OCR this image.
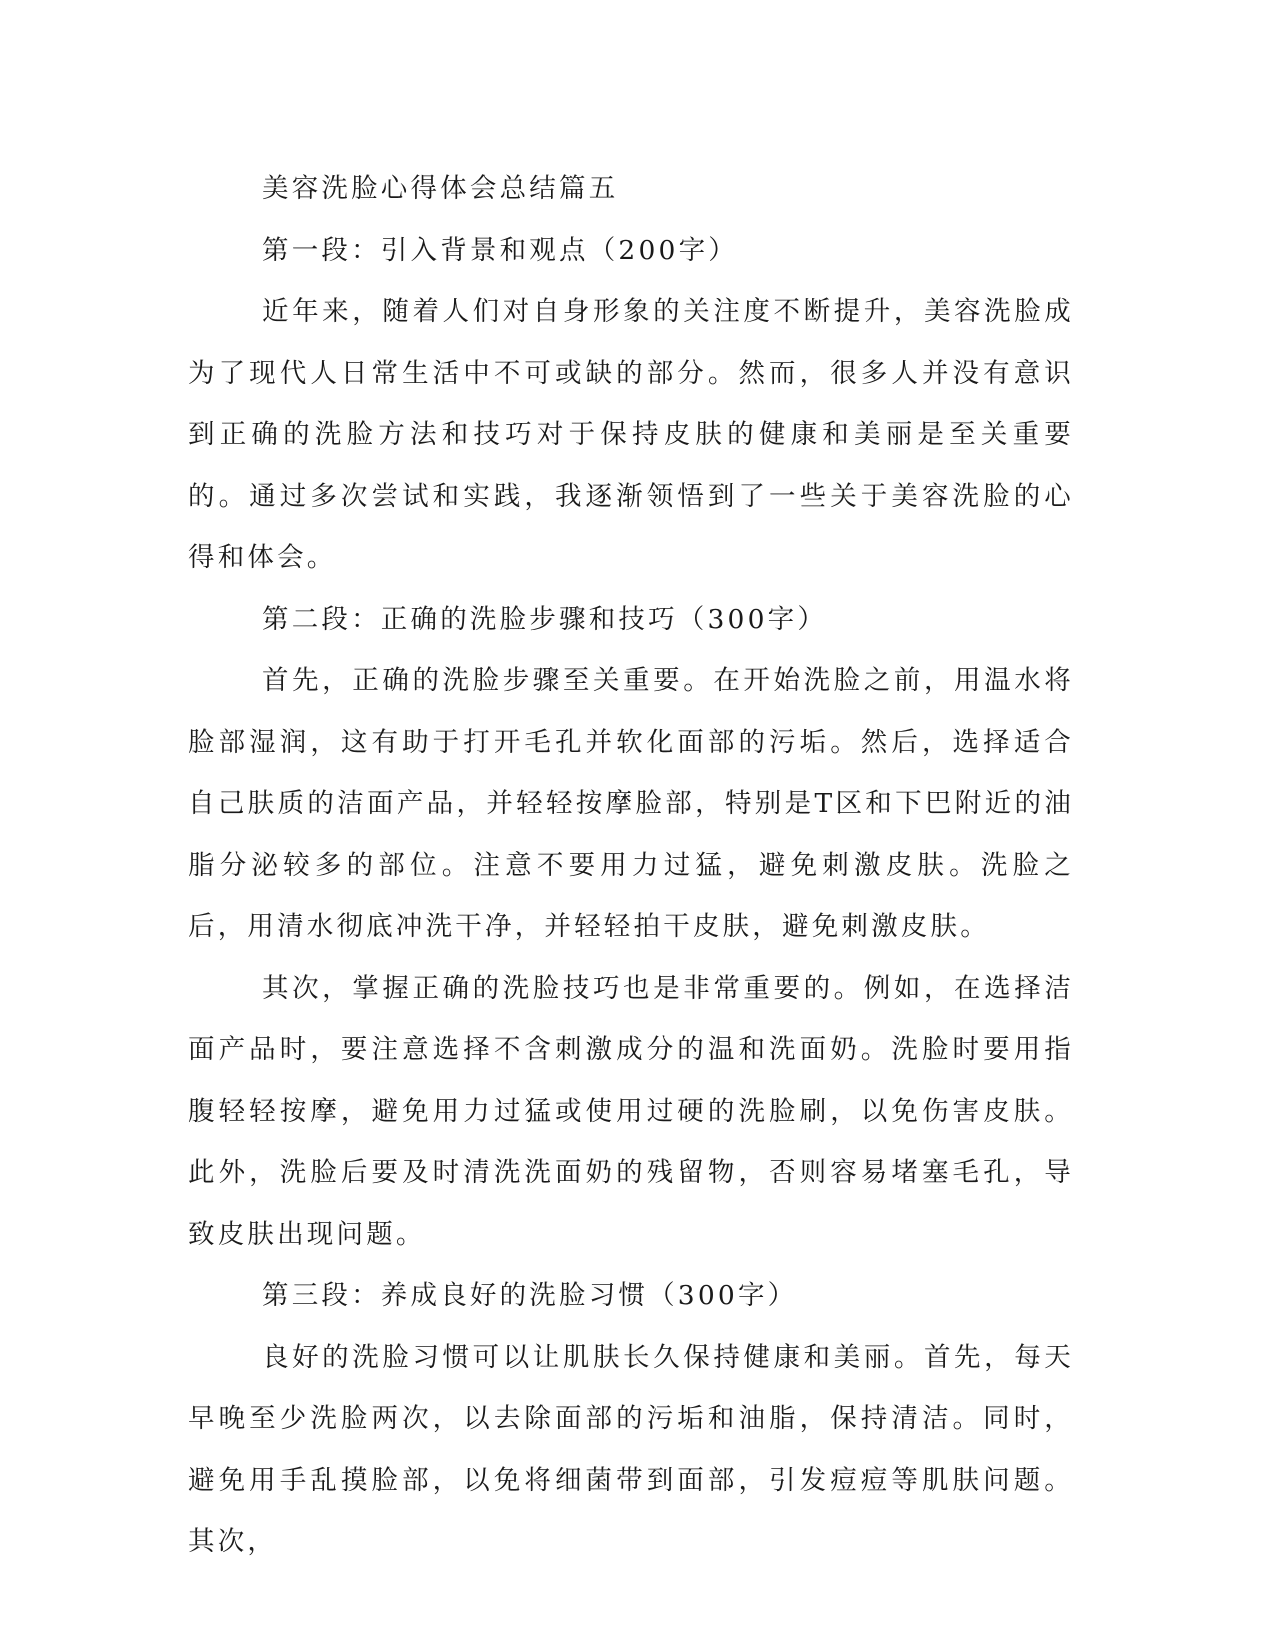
美容洗脸心得体会总结篇五

第一段：引入背景和观点（200字）

近年来，随着人们对自身形象的关注度不断提升，美容洗脸成为了现代人日常生活中不可或缺的部分。然而，很多人并没有意识到正确的洗脸方法和技巧对于保持皮肤的健康和美丽是至关重要的。通过多次尝试和实践，我逐渐领悟到了一些关于美容洗脸的心得和体会。

第二段：正确的洗脸步骤和技巧（300字）

首先，正确的洗脸步骤至关重要。在开始洗脸之前，用温水将脸部湿润，这有助于打开毛孔并软化面部的污垢。然后，选择适合自己肤质的洁面产品，并轻轻按摩脸部，特别是T区和下巴附近的油脂分泌较多的部位。注意不要用力过猛，避免刺激皮肤。洗脸之后，用清水彻底冲洗干净，并轻轻拍干皮肤，避免刺激皮肤。

其次，掌握正确的洗脸技巧也是非常重要的。例如，在选择洁面产品时，要注意选择不含刺激成分的温和洗面奶。洗脸时要用指腹轻轻按摩，避免用力过猛或使用过硬的洗脸刷，以免伤害皮肤。此外，洗脸后要及时清洗洗面奶的残留物，否则容易堵塞毛孔，导致皮肤出现问题。

第三段：养成良好的洗脸习惯（300字）

良好的洗脸习惯可以让肌肤长久保持健康和美丽。首先，每天早晚至少洗脸两次，以去除面部的污垢和油脂，保持清洁。同时，避免用手乱摸脸部，以免将细菌带到面部，引发痘痘等肌肤问题。其次，
